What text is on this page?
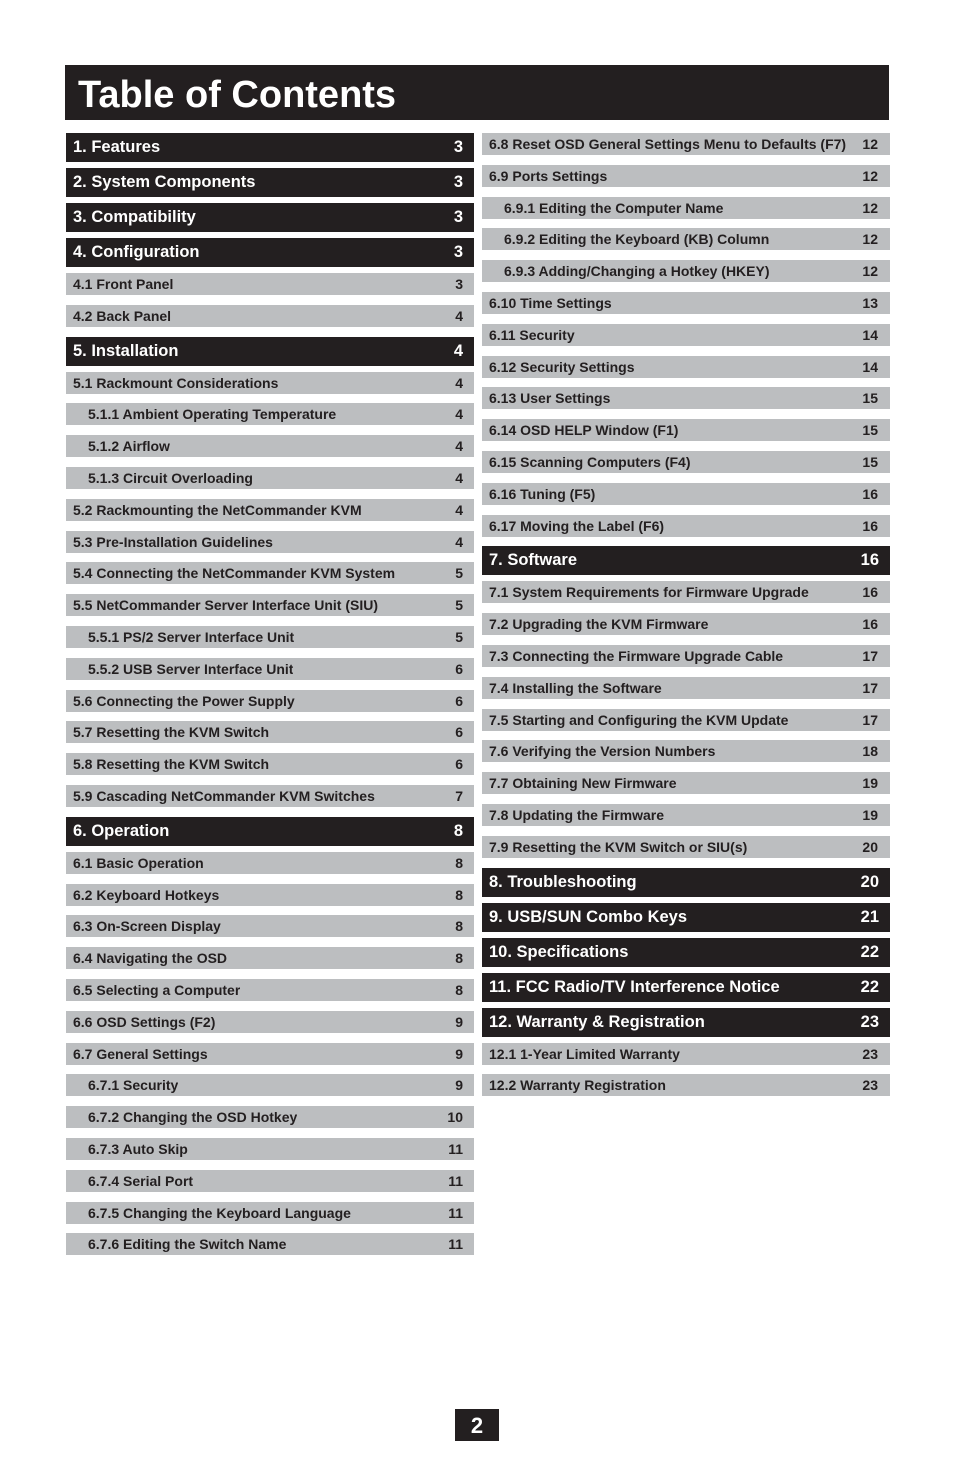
Table of Contents
1. Features	3
2. System Components	3
3. Compatibility	3
4. Configuration	3
4.1 Front Panel	3
4.2 Back Panel	4
5. Installation	4
5.1 Rackmount Considerations	4
5.1.1 Ambient Operating Temperature	4
5.1.2 Airflow	4
5.1.3 Circuit Overloading	4
5.2 Rackmounting the NetCommander KVM	4
5.3 Pre-Installation Guidelines	4
5.4 Connecting the NetCommander KVM System	5
5.5 NetCommander Server Interface Unit (SIU)	5
5.5.1 PS/2 Server Interface Unit	5
5.5.2 USB Server Interface Unit	6
5.6 Connecting the Power Supply	6
5.7 Resetting the KVM Switch	6
5.8 Resetting the KVM Switch	6
5.9 Cascading NetCommander KVM Switches	7
6. Operation	8
6.1 Basic Operation	8
6.2 Keyboard Hotkeys	8
6.3 On-Screen Display	8
6.4 Navigating the OSD	8
6.5 Selecting a Computer	8
6.6 OSD Settings (F2)	9
6.7 General Settings	9
6.7.1 Security	9
6.7.2 Changing the OSD Hotkey	10
6.7.3 Auto Skip	11
6.7.4 Serial Port	11
6.7.5 Changing the Keyboard Language	11
6.7.6 Editing the Switch Name	11
6.8 Reset OSD General Settings Menu to Defaults (F7) 12
6.9 Ports Settings	12
6.9.1 Editing the Computer Name	12
6.9.2 Editing the Keyboard (KB) Column	12
6.9.3 Adding/Changing a Hotkey (HKEY)	12
6.10 Time Settings	13
6.11 Security	14
6.12 Security Settings	14
6.13 User Settings	15
6.14 OSD HELP Window (F1)	15
6.15 Scanning Computers (F4)	15
6.16 Tuning (F5)	16
6.17 Moving the Label (F6)	16
7. Software	16
7.1 System Requirements for Firmware Upgrade	16
7.2 Upgrading the KVM Firmware	16
7.3 Connecting the Firmware Upgrade Cable	17
7.4 Installing the Software	17
7.5 Starting and Configuring the KVM Update	17
7.6 Verifying the Version Numbers	18
7.7 Obtaining New Firmware	19
7.8 Updating the Firmware	19
7.9 Resetting the KVM Switch or SIU(s)	20
8. Troubleshooting	20
9. USB/SUN Combo Keys	21
10. Specifications	22
11. FCC Radio/TV Interference Notice	22
12. Warranty & Registration	23
12.1 1-Year Limited Warranty	23
12.2 Warranty Registration	23
2
